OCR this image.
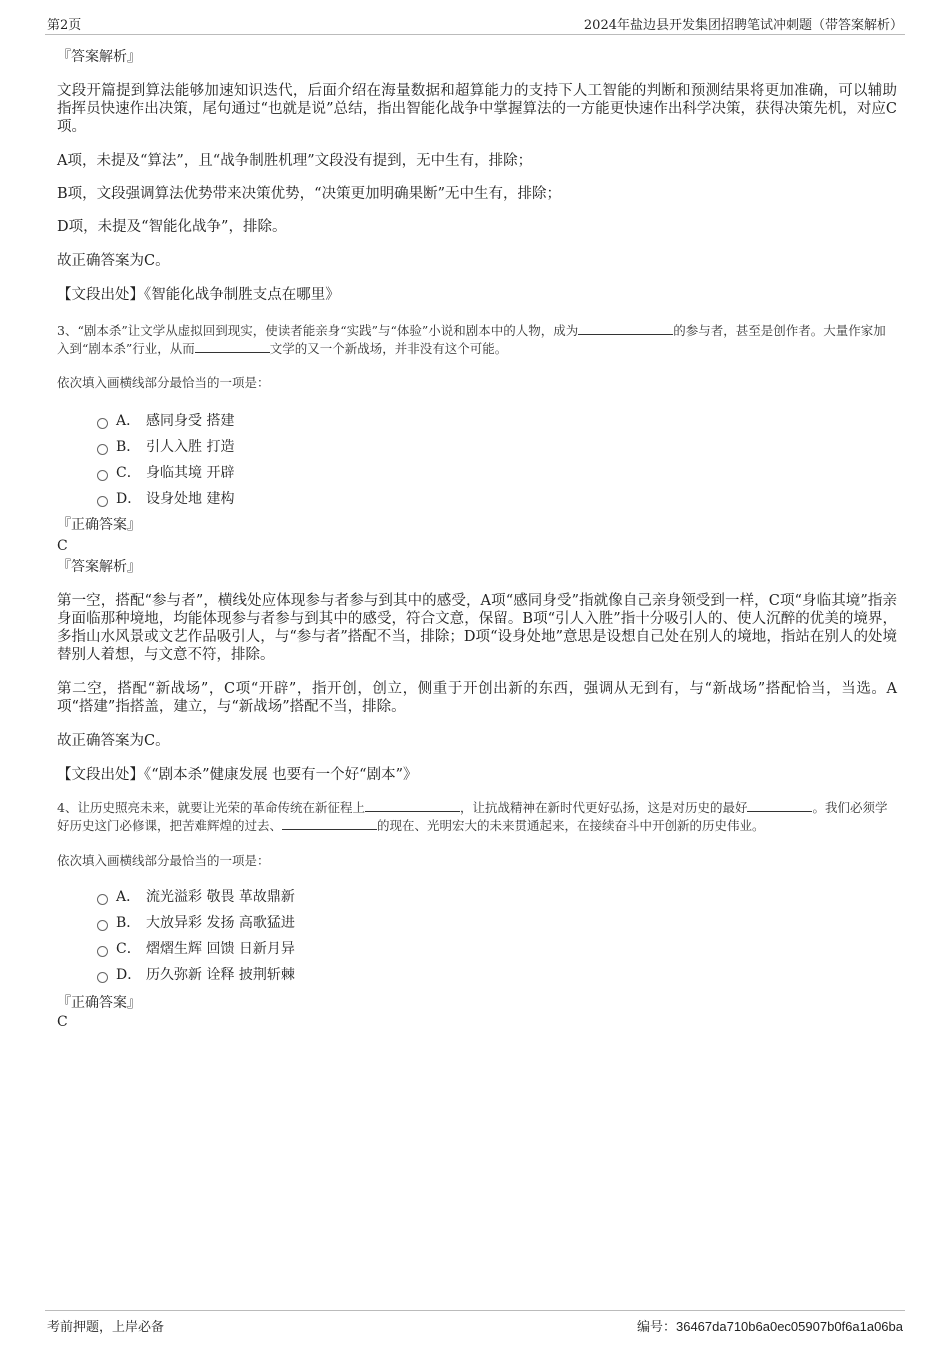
第2页	2024年盐边县开发集团招聘笔试冲刺题（带答案解析）
『答案解析』
文段开篇提到算法能够加速知识迭代，后面介绍在海量数据和超算能力的支持下人工智能的判断和预测结果将更加准确，可以辅助指挥员快速作出决策，尾句通过“也就是说”总结，指出智能化战争中掌握算法的一方能更快速作出科学决策，获得决策先机，对应C项。
A项，未提及“算法”，且“战争制胜机理”文段没有提到，无中生有，排除；
B项，文段强调算法优势带来决策优势，“决策更加明确果断”无中生有，排除；
D项，未提及“智能化战争”，排除。
故正确答案为C。
【文段出处】《智能化战争制胜支点在哪里》
3、“剧本杀”让文学从虚拟回到现实，使读者能亲身“实践”与“体验”小说和剧本中的人物，成为	的参与者，甚至是创作者。大量作家加入到“剧本杀”行业，从而	文学的又一个新战场，并非没有这个可能。
依次填入画横线部分最恰当的一项是：
A． 感同身受 搭建
B． 引人入胜 打造
C． 身临其境 开辟
D． 设身处地 建构
『正确答案』
C
『答案解析』
第一空，搭配“参与者”，横线处应体现参与者参与到其中的感受，A项“感同身受”指就像自己亲身领受到一样，C项“身临其境”指亲身面临那种境地，均能体现参与者参与到其中的感受，符合文意，保留。B项“引人入胜”指十分吸引人的、使人沉醉的优美的境界，多指山水风景或文艺作品吸引人，与“参与者”搭配不当，排除；D项“设身处地”意思是设想自己处在别人的境地，指站在别人的处境替别人着想，与文意不符，排除。
第二空，搭配“新战场”，C项“开辟”，指开创，创立，侧重于开创出新的东西，强调从无到有，与“新战场”搭配恰当，当选。A项“搭建”指搭盖，建立，与“新战场”搭配不当，排除。
故正确答案为C。
【文段出处】《“剧本杀”健康发展 也要有一个好“剧本”》
4、让历史照亮未来，就要让光荣的革命传统在新征程上	，让抗战精神在新时代更好弘扬，这是对历史的最好	。我们必须学好历史这门必修课，把苦难辉煌的过去、	的现在、光明宏大的未来贯通起来，在接续奋斗中开创新的历史伟业。
依次填入画横线部分最恰当的一项是：
A． 流光溢彩 敬畏 革故鼎新
B． 大放异彩 发扬 高歌猛进
C． 熠熠生辉 回馈 日新月异
D． 历久弥新 诠释 披荆斩棘
『正确答案』
C
考前押题，上岸必备	编号：36467da710b6a0ec05907b0f6a1a06ba
